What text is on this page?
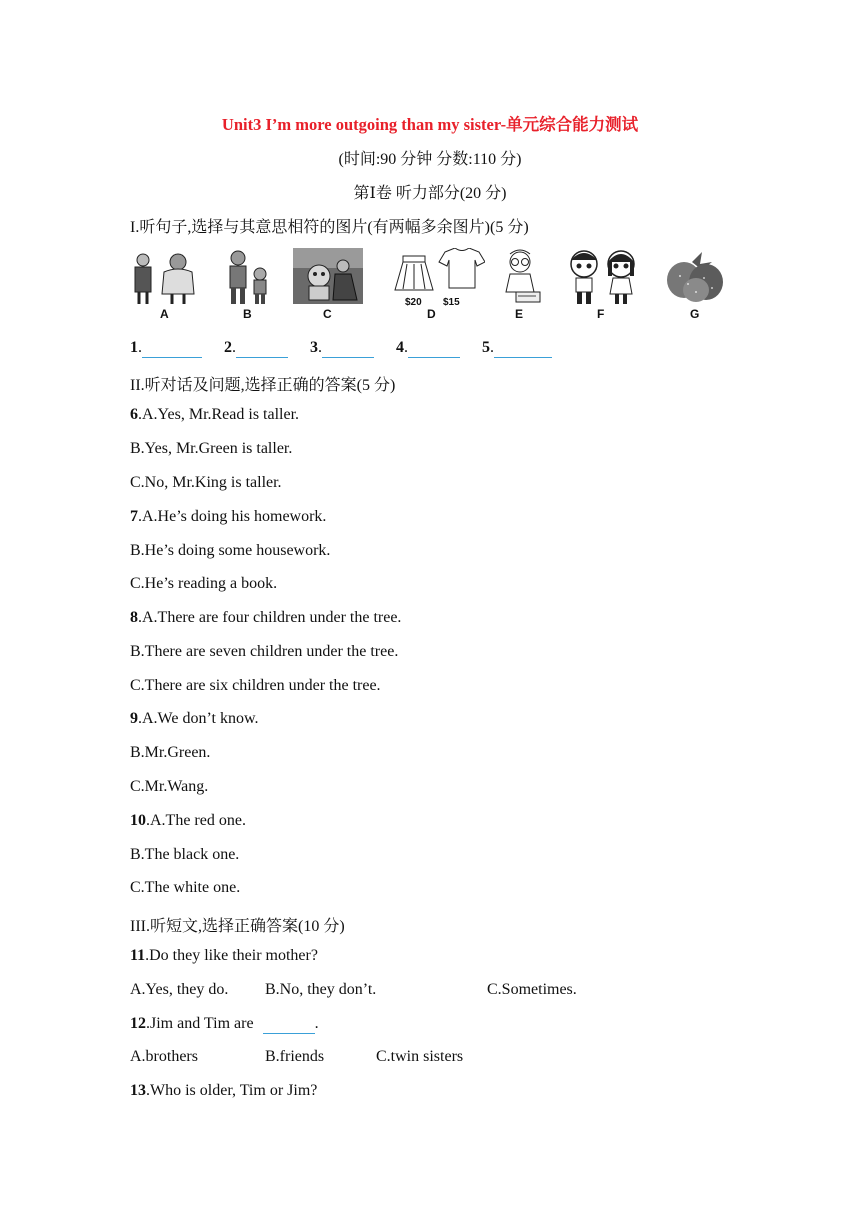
Unit3 I’m more outgoing than my sister-单元综合能力测试
(时间:90 分钟 分数:110 分)
第Ⅰ卷 听力部分(20 分)
I.听句子,选择与其意思相符的图片(有两幅多余图片)(5 分)
A	B	C
$20 $15
D	E	F	G
1.	2.	3.	4.	5.
II.听对话及问题,选择正确的答案(5 分)
6.A.Yes, Mr.Read is taller.
B.Yes, Mr.Green is taller.
C.No, Mr.King is taller.
7.A.He’s doing his homework.
B.He’s doing some housework.
C.He’s reading a book.
8.A.There are four children under the tree.
B.There are seven children under the tree.
C.There are six children under the tree.
9.A.We don’t know.
B.Mr.Green.
C.Mr.Wang.
10.A.The red one.
B.The black one.
C.The white one.
III.听短文,选择正确答案(10 分)
11.Do they like their mother?
A.Yes, they do. B.No, they don’t.	C.Sometimes.
12.Jim and Tim are	.
A.brothers	B.friends	C.twin sisters
13.Who is older, Tim or Jim?
